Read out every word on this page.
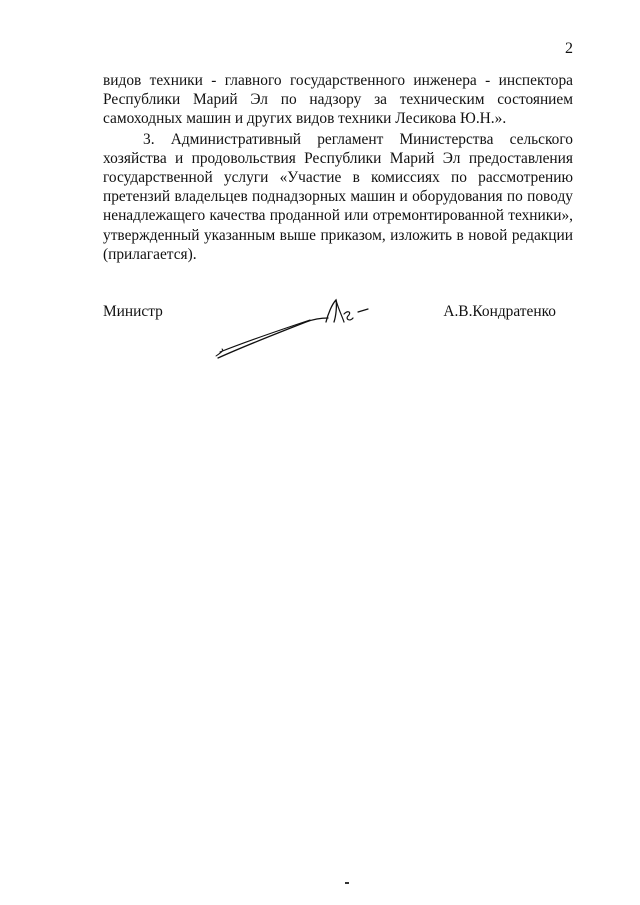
2

видов техники - главного государственного инженера - инспектора Республики Марий Эл по надзору за техническим состоянием самоходных машин и других видов техники Лесикова Ю.Н.».

3. Административный регламент Министерства сельского хозяйства и продовольствия Республики Марий Эл предоставления государственной услуги «Участие в комиссиях по рассмотрению претензий владельцев поднадзорных машин и оборудования по поводу ненадлежащего качества проданной или отремонтированной техники», утвержденный указанным выше приказом, изложить в новой редакции (прилагается).

Министр	А.В.Кондратенко
